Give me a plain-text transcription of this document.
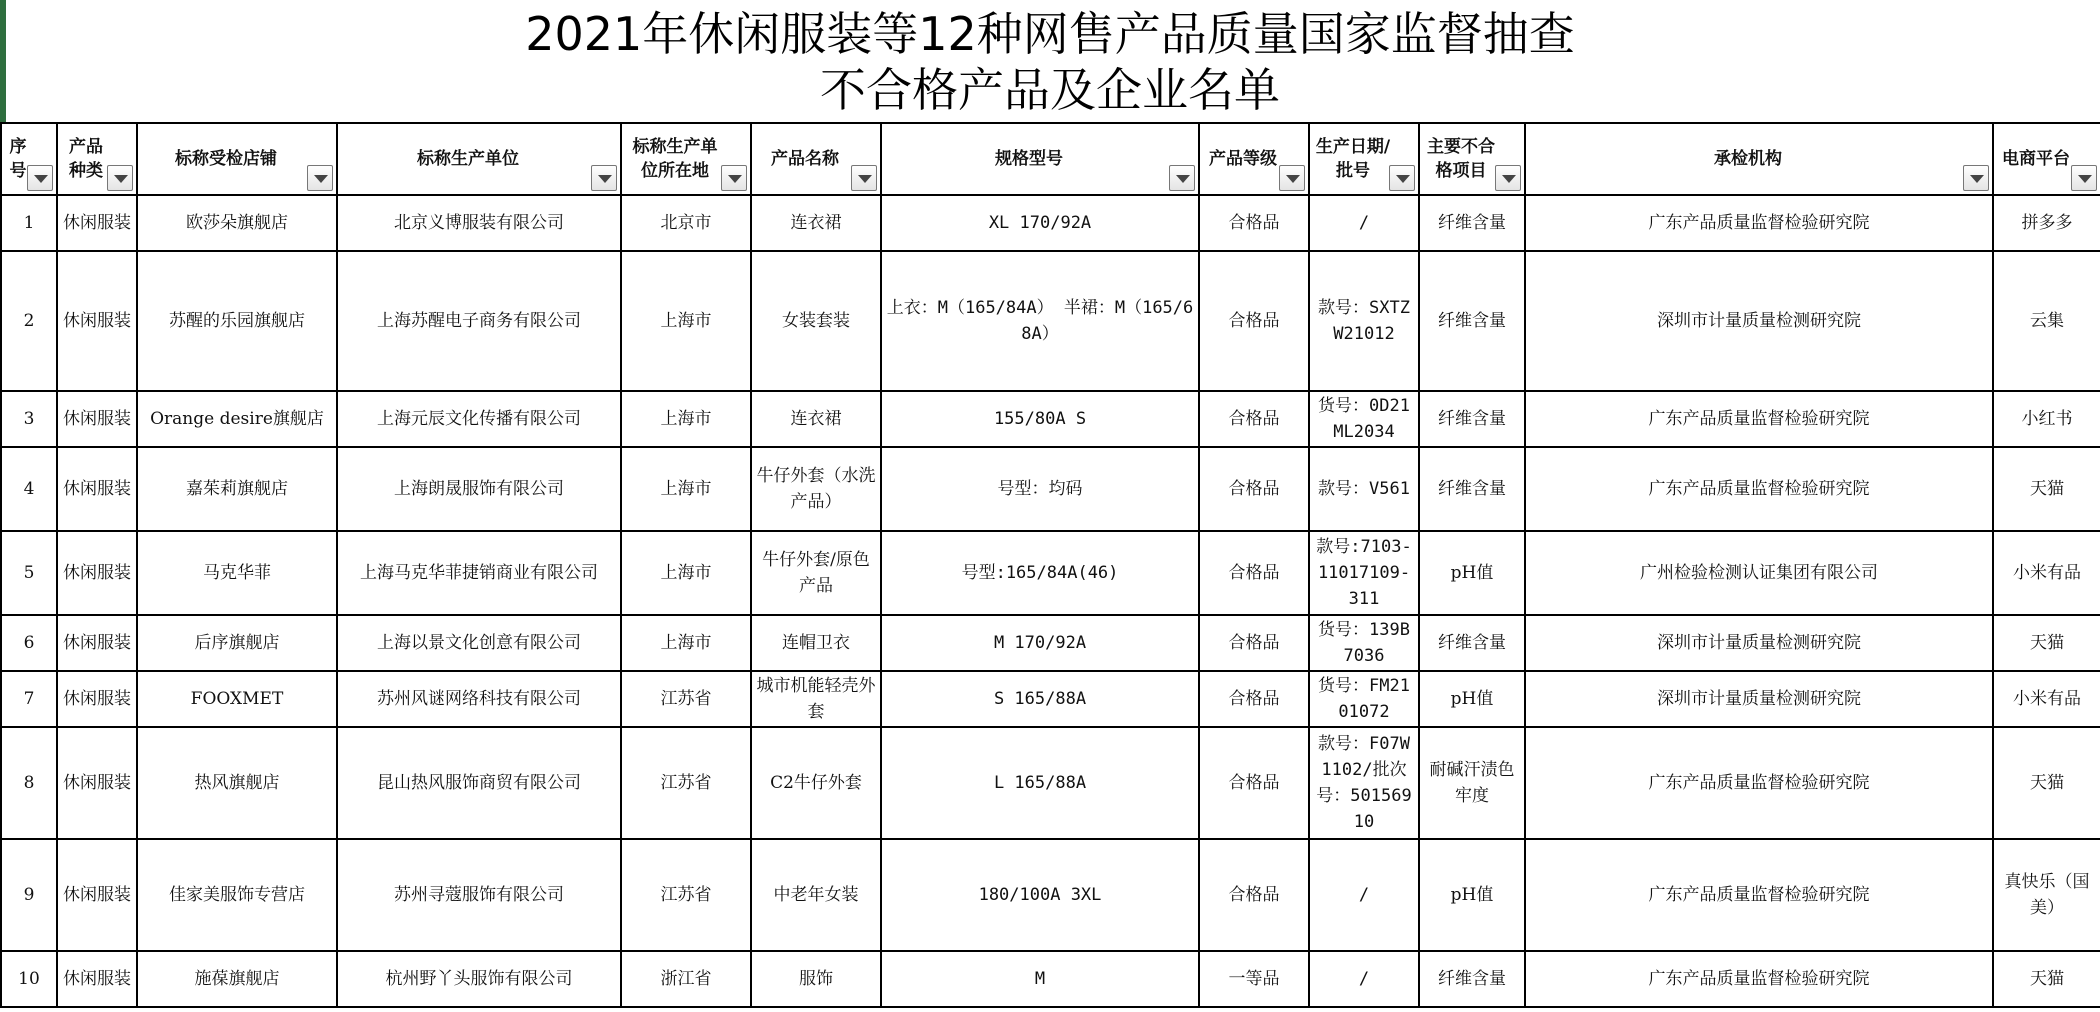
2021年休闲服装等12种网售产品质量国家监督抽查
不合格产品及企业名单
序号	产品种类	标称受检店铺	标称生产单位	标称生产单位所在地	产品名称	规格型号	产品等级	生产日期/批号	主要不合格项目	承检机构	电商平台

1	休闲服装	欧莎朵旗舰店	北京义博服装有限公司	北京市	连衣裙	XL 170/92A	合格品	/	纤维含量	广东产品质量监督检验研究院	拼多多
2	休闲服装	苏醒的乐园旗舰店	上海苏醒电子商务有限公司	上海市	女装套装	上衣：M（165/84A） 半裙：M（165/68A）	合格品	款号：SXTZW21012	纤维含量	深圳市计量质量检测研究院	云集
3	休闲服装	Orange desire旗舰店	上海元辰文化传播有限公司	上海市	连衣裙	155/80A S	合格品	货号：0D21ML2034	纤维含量	广东产品质量监督检验研究院	小红书
4	休闲服装	嘉茱莉旗舰店	上海朗晟服饰有限公司	上海市	牛仔外套（水洗产品）	号型：均码	合格品	款号：V561	纤维含量	广东产品质量监督检验研究院	天猫
5	休闲服装	马克华菲	上海马克华菲捷销商业有限公司	上海市	牛仔外套/原色产品	号型:165/84A(46)	合格品	款号:7103-11017109-311	pH值	广州检验检测认证集团有限公司	小米有品
6	休闲服装	后序旗舰店	上海以景文化创意有限公司	上海市	连帽卫衣	M 170/92A	合格品	货号：139B7036	纤维含量	深圳市计量质量检测研究院	天猫
7	休闲服装	FOOXMET	苏州风谜网络科技有限公司	江苏省	城市机能轻壳外套	S 165/88A	合格品	货号：FM2101072	pH值	深圳市计量质量检测研究院	小米有品
8	休闲服装	热风旗舰店	昆山热风服饰商贸有限公司	江苏省	C2牛仔外套	L 165/88A	合格品	款号：F07W1102/批次号：50156910	耐碱汗渍色牢度	广东产品质量监督检验研究院	天猫
9	休闲服装	佳家美服饰专营店	苏州寻蔻服饰有限公司	江苏省	中老年女装	180/100A 3XL	合格品	/	pH值	广东产品质量监督检验研究院	真快乐（国美）
10	休闲服装	施葆旗舰店	杭州野丫头服饰有限公司	浙江省	服饰	M	一等品	/	纤维含量	广东产品质量监督检验研究院	天猫
